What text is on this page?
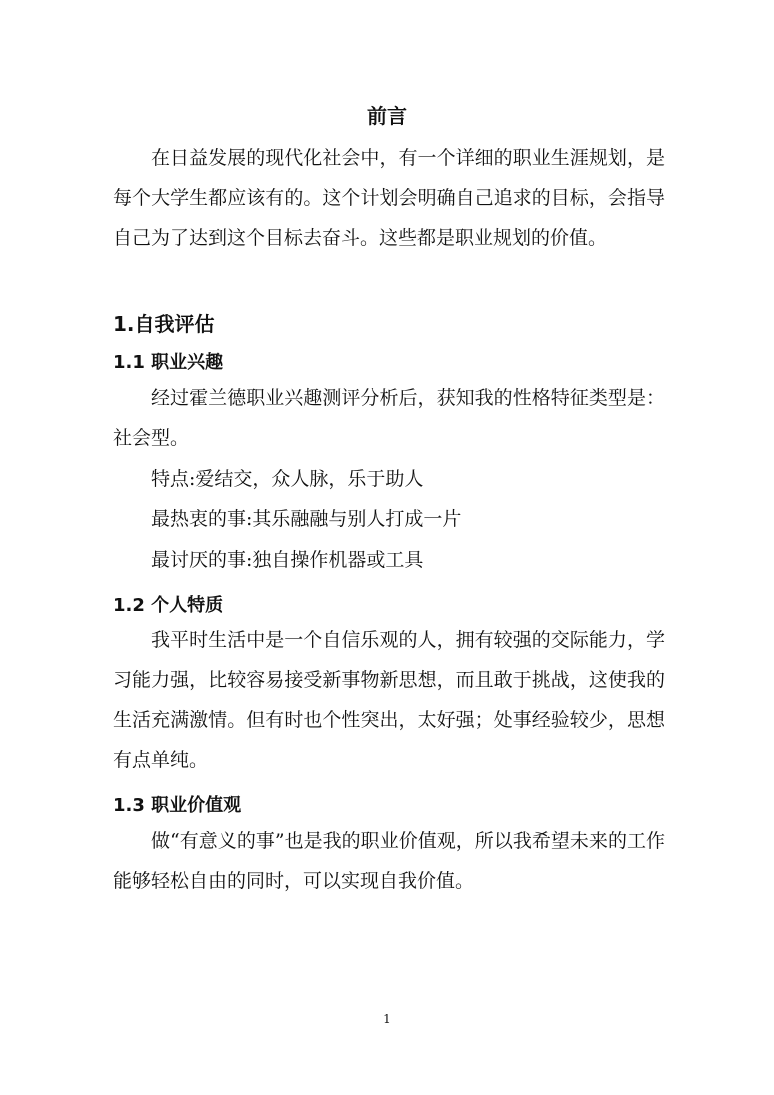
前言

在日益发展的现代化社会中，有一个详细的职业生涯规划，是每个大学生都应该有的。这个计划会明确自己追求的目标，会指导自己为了达到这个目标去奋斗。这些都是职业规划的价值。

1.自我评估
1.1 职业兴趣

经过霍兰德职业兴趣测评分析后，获知我的性格特征类型是：社会型。

特点:爱结交，众人脉，乐于助人
最热衷的事:其乐融融与别人打成一片
最讨厌的事:独自操作机器或工具
1.2 个人特质

我平时生活中是一个自信乐观的人，拥有较强的交际能力，学习能力强，比较容易接受新事物新思想，而且敢于挑战，这使我的生活充满激情。但有时也个性突出，太好强；处事经验较少，思想有点单纯。

1.3 职业价值观

做“有意义的事”也是我的职业价值观，所以我希望未来的工作能够轻松自由的同时，可以实现自我价值。

1
